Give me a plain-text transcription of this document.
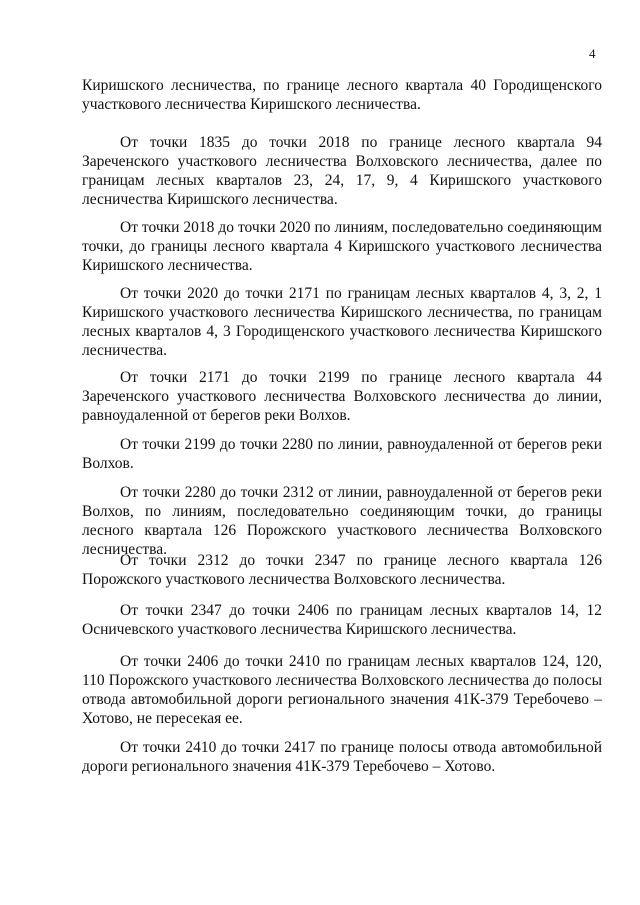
4

Киришского лесничества, по границе лесного квартала 40 Городищенского участкового лесничества Киришского лесничества.

От точки 1835 до точки 2018 по границе лесного квартала 94 Зареченского участкового лесничества Волховского лесничества, далее по границам лесных кварталов 23, 24, 17, 9, 4 Киришского участкового лесничества Киришского лесничества.

От точки 2018 до точки 2020 по линиям, последовательно соединяющим точки, до границы лесного квартала 4 Киришского участкового лесничества Киришского лесничества.

От точки 2020 до точки 2171 по границам лесных кварталов 4, 3, 2, 1 Киришского участкового лесничества Киришского лесничества, по границам лесных кварталов 4, 3 Городищенского участкового лесничества Киришского лесничества.

От точки 2171 до точки 2199 по границе лесного квартала 44 Зареченского участкового лесничества Волховского лесничества до линии, равноудаленной от берегов реки Волхов.

От точки 2199 до точки 2280 по линии, равноудаленной от берегов реки Волхов.

От точки 2280 до точки 2312 от линии, равноудаленной от берегов реки Волхов, по линиям, последовательно соединяющим точки, до границы лесного квартала 126 Порожского участкового лесничества Волховского лесничества.

От точки 2312 до точки 2347 по границе лесного квартала 126 Порожского участкового лесничества Волховского лесничества.

От точки 2347 до точки 2406 по границам лесных кварталов 14, 12 Осничевского участкового лесничества Киришского лесничества.

От точки 2406 до точки 2410 по границам лесных кварталов 124, 120, 110 Порожского участкового лесничества Волховского лесничества до полосы отвода автомобильной дороги регионального значения 41К-379 Теребочево – Хотово, не пересекая ее.

От точки 2410 до точки 2417 по границе полосы отвода автомобильной дороги регионального значения 41К-379 Теребочево – Хотово.
